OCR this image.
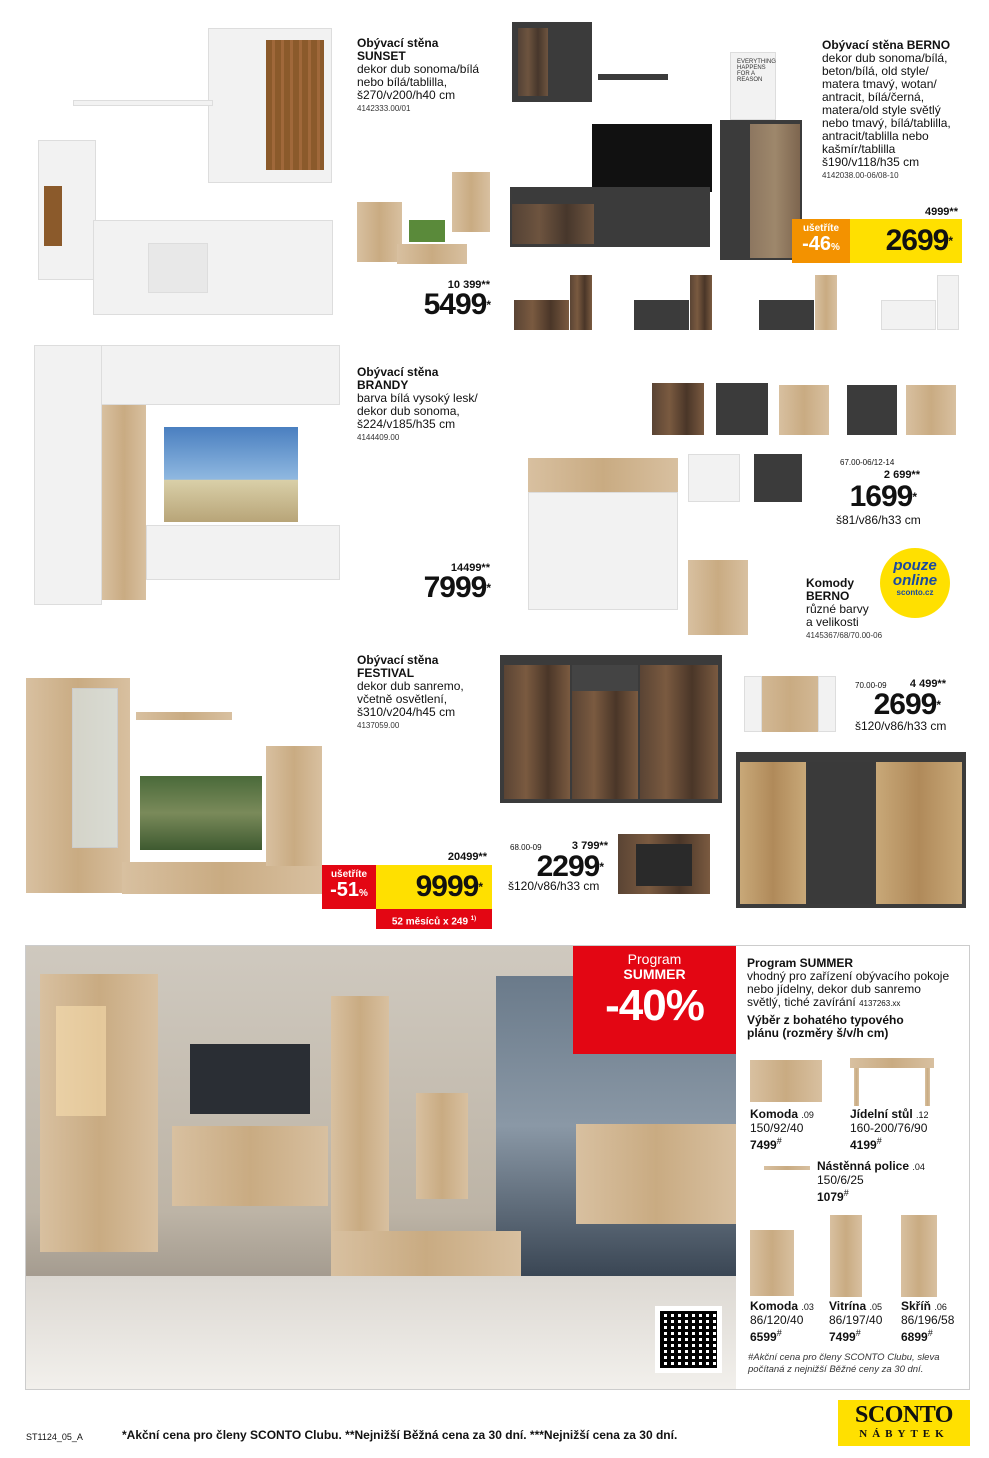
Obývací stěna
SUNSET
dekor dub sonoma/bílá
nebo bílá/tablilla,
š270/v200/h40 cm
4142333.00/01
10 399**
5499*
EVERYTHING HAPPENS FOR A REASON
Obývací stěna BERNO
dekor dub sonoma/bílá,
beton/bílá, old style/
matera tmavý, wotan/
antracit, bílá/černá,
matera/old style světlý
nebo tmavý, bílá/tablilla,
antracit/tablilla nebo
kašmír/tablilla
š190/v118/h35 cm
4142038.00-06/08-10
4999**
ušetříte
-46%	2699*
Obývací stěna
BRANDY
barva bílá vysoký lesk/
dekor dub sonoma,
š224/v185/h35 cm
4144409.00
14499**
7999*
67.00-06/12-14
2 699**
1699*
š81/v86/h33 cm
Komody
BERNO
různé barvy
a velikosti
4145367/68/70.00-06
pouze
online
sconto.cz
Obývací stěna
FESTIVAL
dekor dub sanremo,
včetně osvětlení,
š310/v204/h45 cm
4137059.00
20499**
ušetříte
-51%	9999*
52 měsíců x 249 $^{1)}$
68.00-09	3 799**
2299*
š120/v86/h33 cm
70.00-09	4 499**
2699*
š120/v86/h33 cm
Program
SUMMER
-40%
Program SUMMER
vhodný pro zařízení obývacího pokoje
nebo jídelny, dekor dub sanremo
světlý, tiché zavírání 4137263.xx
Výběr z bohatého typového
plánu (rozměry š/v/h cm)
Komoda .09
150/92/40
7499#
Jídelní stůl .12
160-200/76/90
4199#
Nástěnná police .04
150/6/25
1079#
Komoda .03
86/120/40
6599#
Vitrína .05
86/197/40
7499#
Skříň .06
86/196/58
6899#
#Akční cena pro členy SCONTO Clubu, sleva
počítaná z nejnižší Běžné ceny za 30 dní.
ST1124_05_A	*Akční cena pro členy SCONTO Clubu. **Nejnižší Běžná cena za 30 dní. ***Nejnižší cena za 30 dní.
SCONTO
NÁBYTEK
